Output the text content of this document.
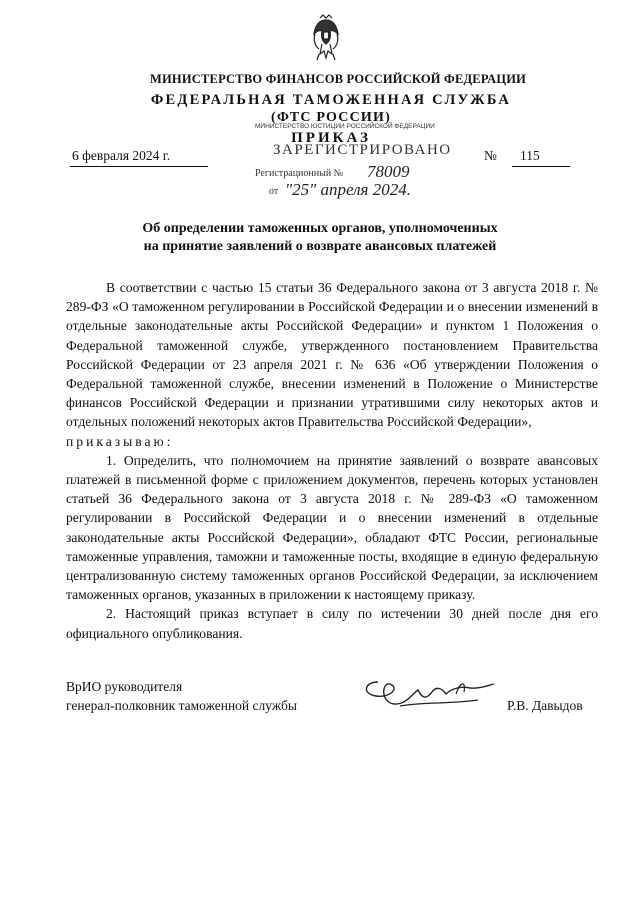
МИНИСТЕРСТВО ФИНАНСОВ РОССИЙСКОЙ ФЕДЕРАЦИИ
ФЕДЕРАЛЬНАЯ ТАМОЖЕННАЯ СЛУЖБА
(ФТС РОССИИ)
ПРИКАЗ
МИНИСТЕРСТВО ЮСТИЦИИ РОССИЙСКОЙ ФЕДЕРАЦИИ
ЗАРЕГИСТРИРОВАНО
Регистрационный № 78009
от "25" апреля 2024.
6 февраля 2024 г.	№ 115
Об определении таможенных органов, уполномоченных
на принятие заявлений о возврате авансовых платежей

В соответствии с частью 15 статьи 36 Федерального закона от 3 августа 2018 г. № 289-ФЗ «О таможенном регулировании в Российской Федерации и о внесении изменений в отдельные законодательные акты Российской Федерации» и пунктом 1 Положения о Федеральной таможенной службе, утвержденного постановлением Правительства Российской Федерации от 23 апреля 2021 г. № 636 «Об утверждении Положения о Федеральной таможенной службе, внесении изменений в Положение о Министерстве финансов Российской Федерации и признании утратившими силу некоторых актов и отдельных положений некоторых актов Правительства Российской Федерации»,

приказываю:

1. Определить, что полномочием на принятие заявлений о возврате авансовых платежей в письменной форме с приложением документов, перечень которых установлен статьей 36 Федерального закона от 3 августа 2018 г. № 289-ФЗ «О таможенном регулировании в Российской Федерации и о внесении изменений в отдельные законодательные акты Российской Федерации», обладают ФТС России, региональные таможенные управления, таможни и таможенные посты, входящие в единую федеральную централизованную систему таможенных органов Российской Федерации, за исключением таможенных органов, указанных в приложении к настоящему приказу.

2. Настоящий приказ вступает в силу по истечении 30 дней после дня его официального опубликования.

ВрИО руководителя
генерал-полковник таможенной службы	Р.В. Давыдов
